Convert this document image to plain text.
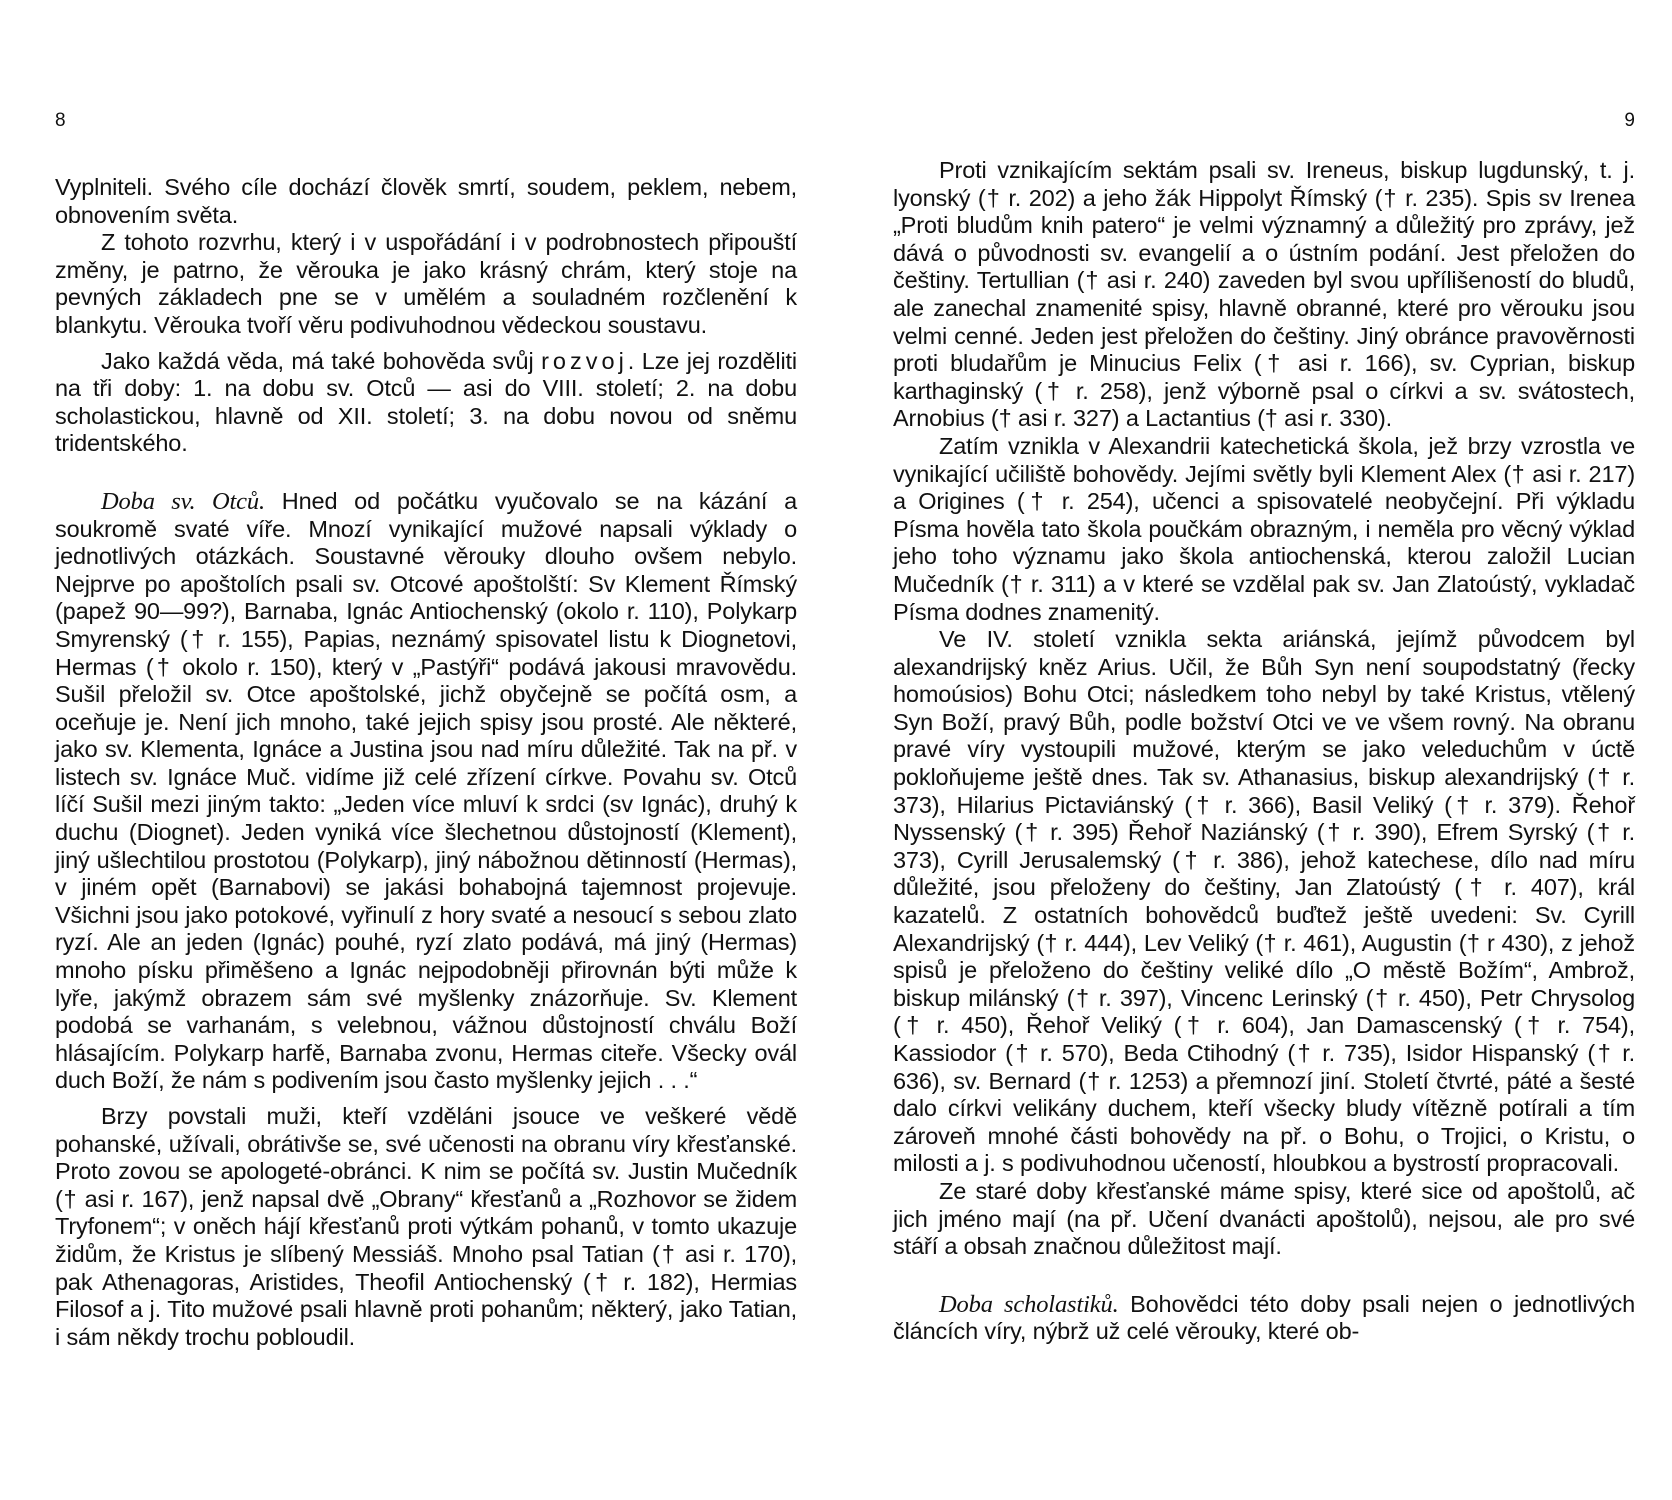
8

Vyplniteli. Svého cíle dochází člověk smrtí, soudem, peklem, nebem, obnovením světa.

Z tohoto rozvrhu, který i v uspořádání i v podrobnostech připouští změny, je patrno, že věrouka je jako krásný chrám, který stoje na pevných základech pne se v umělém a souladném rozčlenění k blankytu. Věrouka tvoří věru podivuhodnou vědeckou soustavu.

Jako každá věda, má také bohověda svůj rozvoj. Lze jej rozděliti na tři doby: 1. na dobu sv. Otců — asi do VIII. století; 2. na dobu scholastickou, hlavně od XII. století; 3. na dobu novou od sněmu tridentského.

Doba sv. Otců. Hned od počátku vyučovalo se na kázání a soukromě svaté víře. Mnozí vynikající mužové napsali výklady o jednotlivých otázkách. Soustavné věrouky dlouho ovšem nebylo. Nejprve po apoštolích psali sv. Otcové apoštolští: Sv Klement Římský (papež 90—99?), Barnaba, Ignác Antiochenský (okolo r. 110), Polykarp Smyrenský († r. 155), Papias, neznámý spisovatel listu k Diognetovi, Hermas († okolo r. 150), který v „Pastýři“ podává jakousi mravovědu. Sušil přeložil sv. Otce apoštolské, jichž obyčejně se počítá osm, a oceňuje je. Není jich mnoho, také jejich spisy jsou prosté. Ale některé, jako sv. Klementa, Ignáce a Justina jsou nad míru důležité. Tak na př. v listech sv. Ignáce Muč. vidíme již celé zřízení církve. Povahu sv. Otců líčí Sušil mezi jiným takto: „Jeden více mluví k srdci (sv Ignác), druhý k duchu (Diognet). Jeden vyniká více šlechetnou důstojností (Klement), jiný ušlechtilou prostotou (Polykarp), jiný nábožnou dětinností (Hermas), v jiném opět (Barnabovi) se jakási bohabojná tajemnost projevuje. Všichni jsou jako potokové, vyřinulí z hory svaté a nesoucí s sebou zlato ryzí. Ale an jeden (Ignác) pouhé, ryzí zlato podává, má jiný (Hermas) mnoho písku přiměšeno a Ignác nejpodobněji přirovnán býti může k lyře, jakýmž obrazem sám své myšlenky znázorňuje. Sv. Klement podobá se varhanám, s velebnou, vážnou důstojností chválu Boží hlásajícím. Polykarp harfě, Barnaba zvonu, Hermas citeře. Všecky ovál duch Boží, že nám s podivením jsou často myšlenky jejich . . .“

Brzy povstali muži, kteří vzděláni jsouce ve veškeré vědě pohanské, užívali, obrátivše se, své učenosti na obranu víry křesťanské. Proto zovou se apologeté-obránci. K nim se počítá sv. Justin Mučedník († asi r. 167), jenž napsal dvě „Obrany“ křesťanů a „Rozhovor se židem Tryfonem“; v oněch hájí křesťanů proti výtkám pohanů, v tomto ukazuje židům, že Kristus je slíbený Messiáš. Mnoho psal Tatian († asi r. 170), pak Athenagoras, Aristides, Theofil Antiochenský († r. 182), Hermias Filosof a j. Tito mužové psali hlavně proti pohanům; některý, jako Tatian, i sám někdy trochu pobloudil.

9

Proti vznikajícím sektám psali sv. Ireneus, biskup lugdunský, t. j. lyonský († r. 202) a jeho žák Hippolyt Římský († r. 235). Spis sv Irenea „Proti bludům knih patero“ je velmi významný a důležitý pro zprávy, jež dává o původnosti sv. evangelií a o ústním podání. Jest přeložen do češtiny. Tertullian († asi r. 240) zaveden byl svou upřílišeností do bludů, ale zanechal znamenité spisy, hlavně obranné, které pro věrouku jsou velmi cenné. Jeden jest přeložen do češtiny. Jiný obránce pravověrnosti proti bludařům je Minucius Felix († asi r. 166), sv. Cyprian, biskup karthaginský († r. 258), jenž výborně psal o církvi a sv. svátostech, Arnobius († asi r. 327) a Lactantius († asi r. 330).

Zatím vznikla v Alexandrii katechetická škola, jež brzy vzrostla ve vynikající učiliště bohovědy. Jejími světly byli Klement Alex († asi r. 217) a Origines († r. 254), učenci a spisovatelé neobyčejní. Při výkladu Písma hověla tato škola poučkám obrazným, i neměla pro věcný výklad jeho toho významu jako škola antiochenská, kterou založil Lucian Mučedník († r. 311) a v které se vzdělal pak sv. Jan Zlatoústý, vykladač Písma dodnes znamenitý.

Ve IV. století vznikla sekta ariánská, jejímž původcem byl alexandrijský kněz Arius. Učil, že Bůh Syn není soupodstatný (řecky homoúsios) Bohu Otci; následkem toho nebyl by také Kristus, vtělený Syn Boží, pravý Bůh, podle božství Otci ve ve všem rovný. Na obranu pravé víry vystoupili mužové, kterým se jako veleduchům v úctě pokloňujeme ještě dnes. Tak sv. Athanasius, biskup alexandrijský († r. 373), Hilarius Pictaviánský († r. 366), Basil Veliký († r. 379). Řehoř Nyssenský († r. 395) Řehoř Naziánský († r. 390), Efrem Syrský († r. 373), Cyrill Jerusalemský († r. 386), jehož katechese, dílo nad míru důležité, jsou přeloženy do češtiny, Jan Zlatoústý († r. 407), král kazatelů. Z ostatních bohovědců buďtež ještě uvedeni: Sv. Cyrill Alexandrijský († r. 444), Lev Veliký († r. 461), Augustin († r 430), z jehož spisů je přeloženo do češtiny veliké dílo „O městě Božím“, Ambrož, biskup milánský († r. 397), Vincenc Lerinský († r. 450), Petr Chrysolog († r. 450), Řehoř Veliký († r. 604), Jan Damascenský († r. 754), Kassiodor († r. 570), Beda Ctihodný († r. 735), Isidor Hispanský († r. 636), sv. Bernard († r. 1253) a přemnozí jiní. Století čtvrté, páté a šesté dalo církvi velikány duchem, kteří všecky bludy vítězně potírali a tím zároveň mnohé části bohovědy na př. o Bohu, o Trojici, o Kristu, o milosti a j. s podivuhodnou učeností, hloubkou a bystrostí propracovali.

Ze staré doby křesťanské máme spisy, které sice od apoštolů, ač jich jméno mají (na př. Učení dvanácti apoštolů), nejsou, ale pro své stáří a obsah značnou důležitost mají.

Doba scholastiků. Bohovědci této doby psali nejen o jednotlivých článcích víry, nýbrž už celé věrouky, které ob-
